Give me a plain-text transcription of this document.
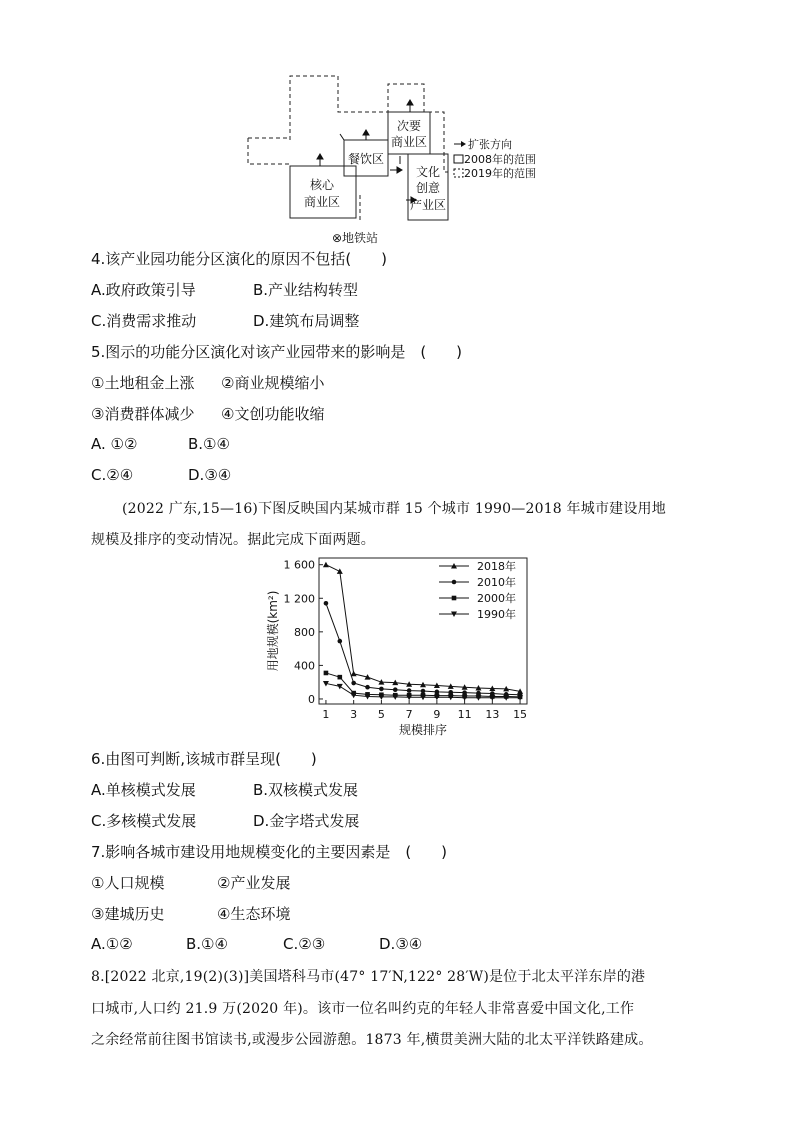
次要
商业区
餐饮区
核心
商业区
文化
创意
产业区
扩张方向
2008年的范围
2019年的范围
⊗地铁站
4.该产业园功能分区演化的原因不包括(　　)
A.政府政策引导	B.产业结构转型
C.消费需求推动	D.建筑布局调整
5.图示的功能分区演化对该产业园带来的影响是　(　　)
①土地租金上涨 ②商业规模缩小
③消费群体减少 ④文创功能收缩
A. ①②	B.①④
C.②④	D.③④
(2022 广东,15—16)下图反映国内某城市群 15 个城市 1990—2018 年城市建设用地
规模及排序的变动情况。据此完成下面两题。
0
400
800
1 200
1 600
1 3 5 7 9 11 13 15
规模排序
用地规模(km²)
2018年
2010年
2000年
1990年
6.由图可判断,该城市群呈现(　　)
A.单核模式发展	B.双核模式发展
C.多核模式发展	D.金字塔式发展
7.影响各城市建设用地规模变化的主要因素是　(　　)
①人口规模	②产业发展
③建城历史	④生态环境
A.①②	B.①④	C.②③	D.③④
8.[2022 北京,19(2)(3)]美国塔科马市(47° 17′N,122° 28′W)是位于北太平洋东岸的港
口城市,人口约 21.9 万(2020 年)。该市一位名叫约克的年轻人非常喜爱中国文化,工作
之余经常前往图书馆读书,或漫步公园游憩。1873 年,横贯美洲大陆的北太平洋铁路建成。
